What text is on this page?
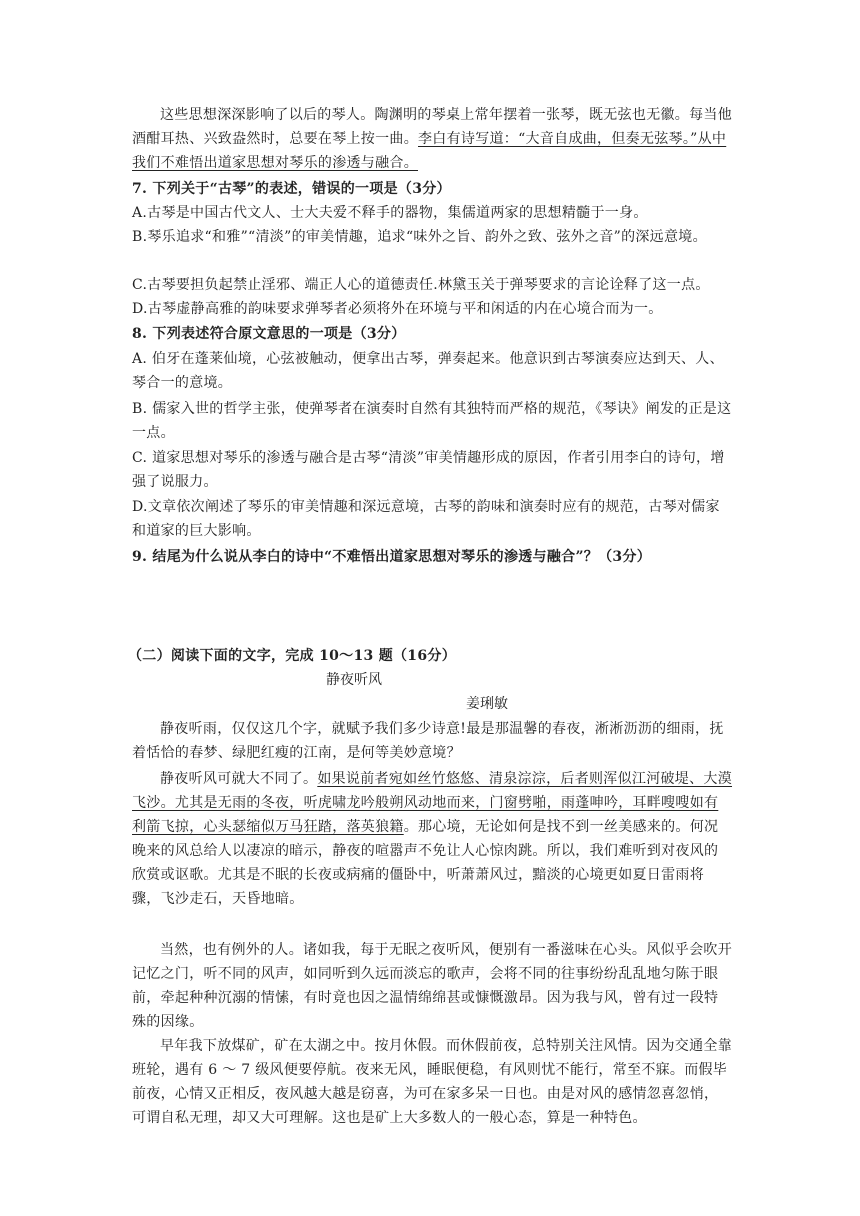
这些思想深深影响了以后的琴人。陶渊明的琴桌上常年摆着一张琴，既无弦也无徽。每当他酒酣耳热、兴致盎然时，总要在琴上按一曲。李白有诗写道：“大音自成曲，但奏无弦琴。”从中我们不难悟出道家思想对琴乐的渗透与融合。
7. 下列关于“古琴”的表述，错误的一项是（3分）
A.古琴是中国古代文人、士大夫爱不释手的器物，集儒道两家的思想精髓于一身。
B.琴乐追求“和雅”“清淡”的审美情趣，追求“味外之旨、韵外之致、弦外之音”的深远意境。
C.古琴要担负起禁止淫邪、端正人心的道德责任.林黛玉关于弹琴要求的言论诠释了这一点。
D.古琴虚静高雅的韵味要求弹琴者必须将外在环境与平和闲适的内在心境合而为一。
8. 下列表述符合原文意思的一项是（3分）
A. 伯牙在蓬莱仙境，心弦被触动，便拿出古琴，弹奏起来。他意识到古琴演奏应达到天、人、琴合一的意境。
B. 儒家入世的哲学主张，使弹琴者在演奏时自然有其独特而严格的规范，《琴诀》阐发的正是这一点。
C. 道家思想对琴乐的渗透与融合是古琴“清淡”审美情趣形成的原因，作者引用李白的诗句，增强了说服力。
D.文章依次阐述了琴乐的审美情趣和深远意境，古琴的韵味和演奏时应有的规范，古琴对儒家和道家的巨大影响。
9. 结尾为什么说从李白的诗中“不难悟出道家思想对琴乐的渗透与融合”？（3分）
（二）阅读下面的文字，完成 10～13 题（16分）
静夜听风
姜琍敏
静夜听雨，仅仅这几个字，就赋予我们多少诗意!最是那温馨的春夜，淅淅沥沥的细雨，抚着恬恰的春梦、绿肥红瘦的江南，是何等美妙意境？
静夜听风可就大不同了。如果说前者宛如丝竹悠悠、清泉淙淙，后者则浑似江河破堤、大漠飞沙。尤其是无雨的冬夜，听虎啸龙吟般朔风动地而来，门窗劈啪，雨蓬呻吟，耳畔嗖嗖如有利箭飞掠，心头瑟缩似万马狂踏，落英狼籍。那心境，无论如何是找不到一丝美感来的。何况晚来的风总给人以凄凉的暗示，静夜的喧嚣声不免让人心惊肉跳。所以，我们难听到对夜风的欣赏或讴歌。尤其是不眠的长夜或病痛的僵卧中，听萧萧风过，黯淡的心境更如夏日雷雨将骤，飞沙走石，天昏地暗。
当然，也有例外的人。诸如我，每于无眠之夜听风，便别有一番滋味在心头。风似乎会吹开记忆之门，听不同的风声，如同听到久远而淡忘的歌声，会将不同的往事纷纷乱乱地匀陈于眼前，牵起种种沉溺的情愫，有时竟也因之温情绵绵甚或慷慨激昂。因为我与风，曾有过一段特殊的因缘。
早年我下放煤矿，矿在太湖之中。按月休假。而休假前夜，总特别关注风情。因为交通全靠班轮，遇有 6 ～ 7 级风便要停航。夜来无风，睡眠便稳，有风则忧不能行，常至不寐。而假毕前夜，心情又正相反，夜风越大越是窃喜，为可在家多呆一日也。由是对风的感情忽喜忽悄，可谓自私无理，却又大可理解。这也是矿上大多数人的一般心态，算是一种特色。
